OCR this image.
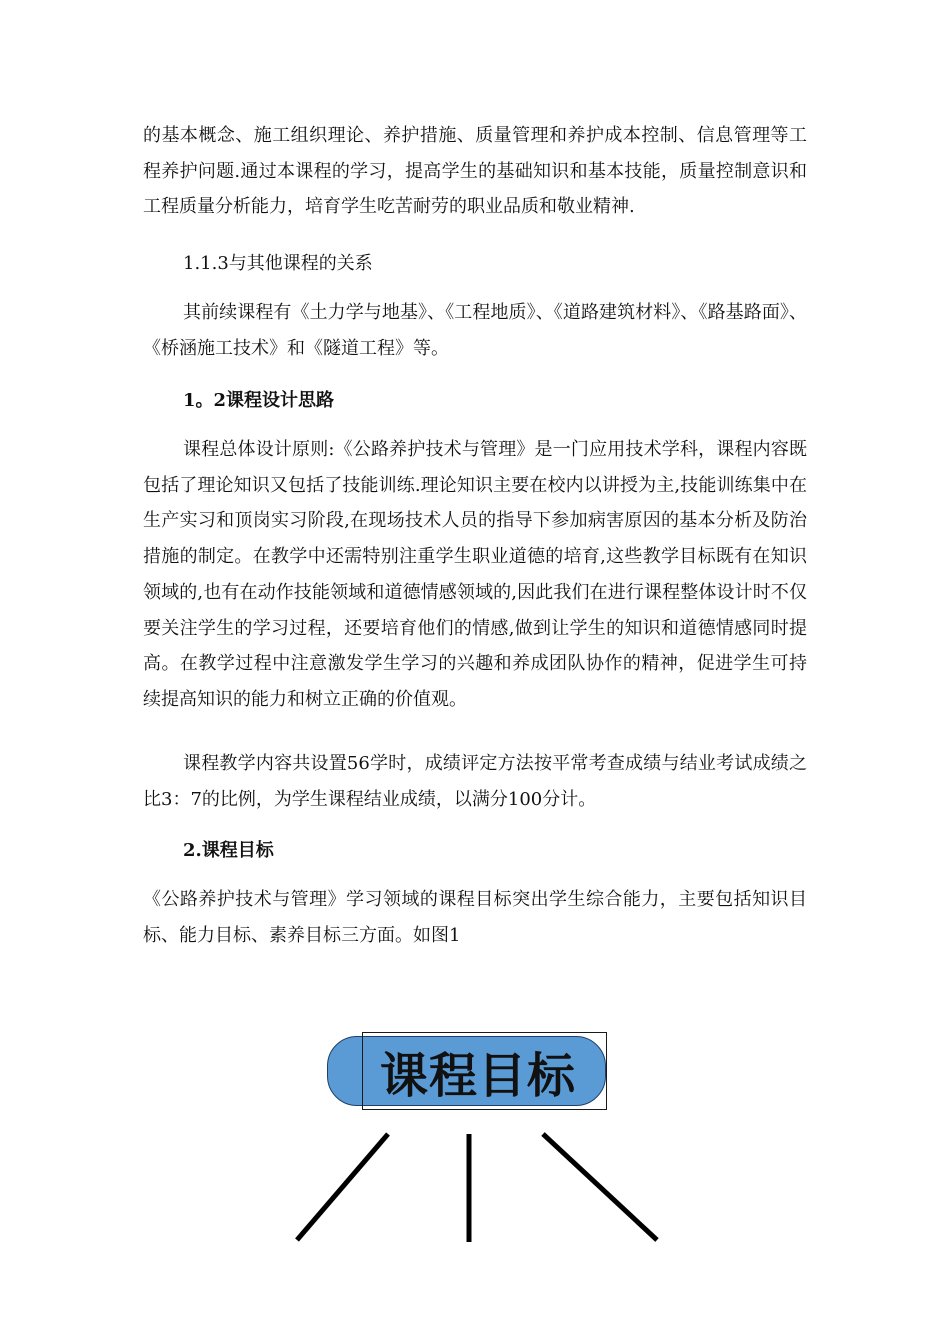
的基本概念、施工组织理论、养护措施、质量管理和养护成本控制、信息管理等工程养护问题.通过本课程的学习，提高学生的基础知识和基本技能，质量控制意识和工程质量分析能力，培育学生吃苦耐劳的职业品质和敬业精神.

1.1.3与其他课程的关系

其前续课程有《土力学与地基》、《工程地质》、《道路建筑材料》、《路基路面》、《桥涵施工技术》和《隧道工程》等。

1。2课程设计思路

课程总体设计原则:《公路养护技术与管理》是一门应用技术学科，课程内容既包括了理论知识又包括了技能训练.理论知识主要在校内以讲授为主,技能训练集中在生产实习和顶岗实习阶段,在现场技术人员的指导下参加病害原因的基本分析及防治措施的制定。在教学中还需特别注重学生职业道德的培育,这些教学目标既有在知识领域的,也有在动作技能领域和道德情感领域的,因此我们在进行课程整体设计时不仅要关注学生的学习过程，还要培育他们的情感,做到让学生的知识和道德情感同时提高。在教学过程中注意激发学生学习的兴趣和养成团队协作的精神，促进学生可持续提高知识的能力和树立正确的价值观。

课程教学内容共设置56学时，成绩评定方法按平常考查成绩与结业考试成绩之比3：7的比例，为学生课程结业成绩，以满分100分计。

2.课程目标

《公路养护技术与管理》学习领域的课程目标突出学生综合能力，主要包括知识目标、能力目标、素养目标三方面。如图1

课程目标
